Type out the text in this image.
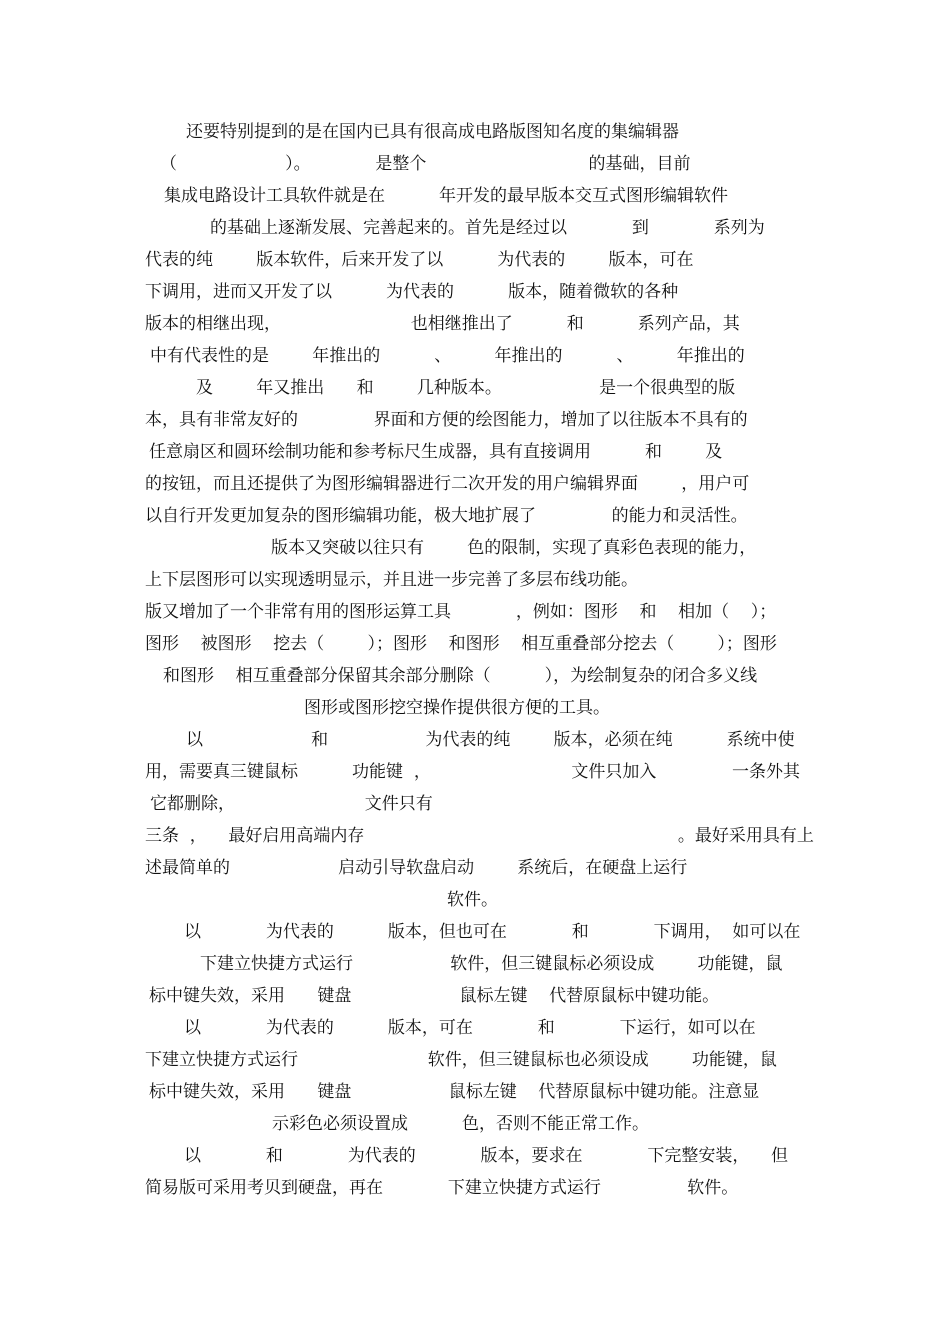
还要特别提到的是在国内已具有很高成电路版图知名度的集编辑器
（                    ）。            是整个                              的基础，目前
集成电路设计工具软件就是在          年开发的最早版本交互式图形编辑软件
的基础上逐渐发展、完善起来的。首先是经过以            到            系列为
代表的纯        版本软件，后来开发了以          为代表的        版本，可在
下调用，进而又开发了以          为代表的          版本，随着微软的各种
版本的相继出现，                        也相继推出了          和          系列产品，其
中有代表性的是        年推出的          、        年推出的          、        年推出的
及        年又推出      和        几种版本。                  是一个很典型的版
本，具有非常友好的              界面和方便的绘图能力，增加了以往版本不具有的
任意扇区和圆环绘制功能和参考标尺生成器，具有直接调用          和        及
的按钮，而且还提供了为图形编辑器进行二次开发的用户编辑界面        ，用户可
以自行开发更加复杂的图形编辑功能，极大地扩展了              的能力和灵活性。
版本又突破以往只有        色的限制，实现了真彩色表现的能力，
上下层图形可以实现透明显示，并且进一步完善了多层布线功能。
版又增加了一个非常有用的图形运算工具            ，例如：图形    和    相加（    ）；
图形    被图形    挖去（        ）；图形    和图形    相互重叠部分挖去（        ）；图形
和图形    相互重叠部分保留其余部分删除（          ），为绘制复杂的闭合多义线
图形或图形挖空操作提供很方便的工具。
以                    和                  为代表的纯        版本，必须在纯          系统中使
用，需要真三键鼠标          功能键  ，                          文件只加入              一条外其
它都删除，                        文件只有
三条  ，    最好启用高端内存                                                          。最好采用具有上
述最简单的                    启动引导软盘启动        系统后，在硬盘上运行
软件。
以            为代表的          版本，但也可在            和            下调用，  如可以在
下建立快捷方式运行                  软件，但三键鼠标必须设成        功能键，鼠
标中键失效，采用      键盘                    鼠标左键    代替原鼠标中键功能。
以            为代表的          版本，可在            和            下运行，如可以在
下建立快捷方式运行                        软件，但三键鼠标也必须设成        功能键，鼠
标中键失效，采用      键盘                  鼠标左键    代替原鼠标中键功能。注意显
示彩色必须设置成          色，否则不能正常工作。
以            和            为代表的            版本，要求在            下完整安装，    但
简易版可采用考贝到硬盘，再在            下建立快捷方式运行                软件。
